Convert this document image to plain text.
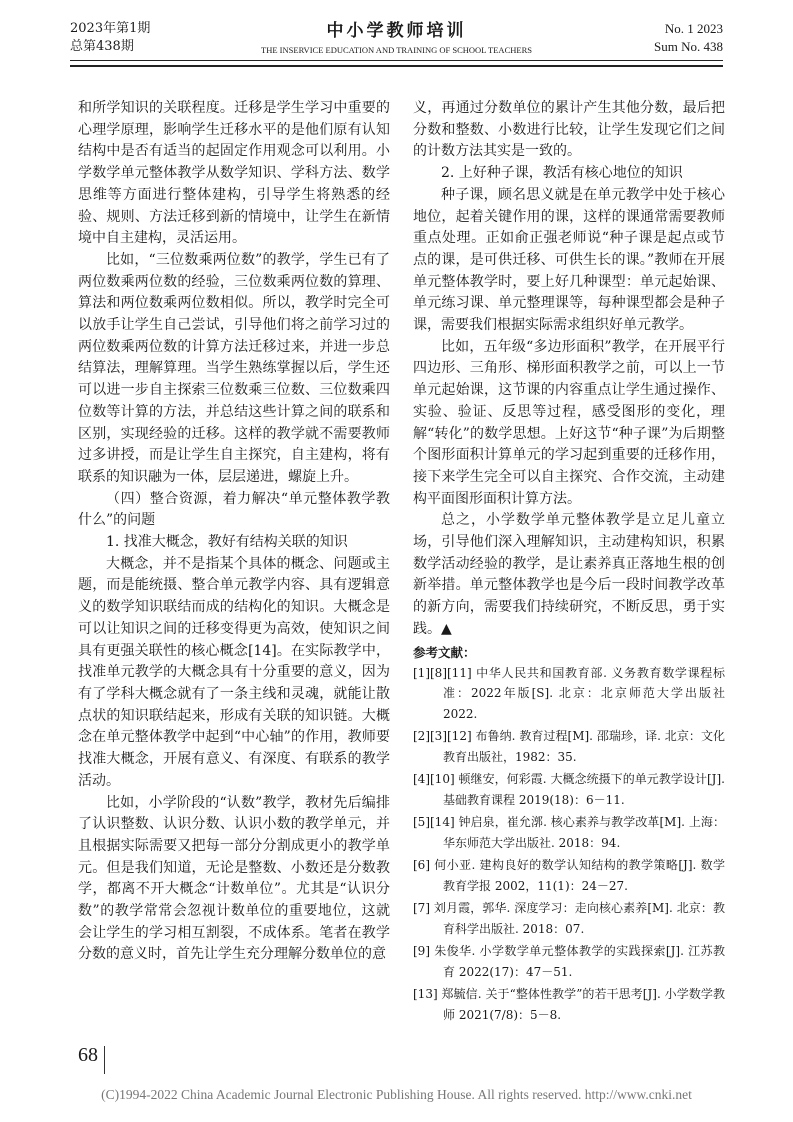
2023年第1期
总第438期
中小学教师培训
THE INSERVICE EDUCATION AND TRAINING OF SCHOOL TEACHERS
No. 1 2023
Sum No. 438

和所学知识的关联程度。迁移是学生学习中重要的心理学原理，影响学生迁移水平的是他们原有认知结构中是否有适当的起固定作用观念可以利用。小学数学单元整体教学从数学知识、学科方法、数学思维等方面进行整体建构，引导学生将熟悉的经验、规则、方法迁移到新的情境中，让学生在新情境中自主建构，灵活运用。

比如，“三位数乘两位数”的教学，学生已有了两位数乘两位数的经验，三位数乘两位数的算理、算法和两位数乘两位数相似。所以，教学时完全可以放手让学生自己尝试，引导他们将之前学习过的两位数乘两位数的计算方法迁移过来，并进一步总结算法，理解算理。当学生熟练掌握以后，学生还可以进一步自主探索三位数乘三位数、三位数乘四位数等计算的方法，并总结这些计算之间的联系和区别，实现经验的迁移。这样的教学就不需要教师过多讲授，而是让学生自主探究，自主建构，将有联系的知识融为一体，层层递进，螺旋上升。

（四）整合资源，着力解决“单元整体教学教什么”的问题

1. 找准大概念，教好有结构关联的知识

大概念，并不是指某个具体的概念、问题或主题，而是能统摄、整合单元教学内容、具有逻辑意义的数学知识联结而成的结构化的知识。大概念是可以让知识之间的迁移变得更为高效，使知识之间具有更强关联性的核心概念[14]。在实际教学中，找准单元教学的大概念具有十分重要的意义，因为有了学科大概念就有了一条主线和灵魂，就能让散点状的知识联结起来，形成有关联的知识链。大概念在单元整体教学中起到“中心轴”的作用，教师要找准大概念，开展有意义、有深度、有联系的教学活动。

比如，小学阶段的“认数”教学，教材先后编排了认识整数、认识分数、认识小数的教学单元，并且根据实际需要又把每一部分分割成更小的教学单元。但是我们知道，无论是整数、小数还是分数教学，都离不开大概念“计数单位”。尤其是“认识分数”的教学常常会忽视计数单位的重要地位，这就会让学生的学习相互割裂，不成体系。笔者在教学分数的意义时，首先让学生充分理解分数单位的意

义，再通过分数单位的累计产生其他分数，最后把分数和整数、小数进行比较，让学生发现它们之间的计数方法其实是一致的。

2. 上好种子课，教活有核心地位的知识

种子课，顾名思义就是在单元教学中处于核心地位，起着关键作用的课，这样的课通常需要教师重点处理。正如俞正强老师说“种子课是起点或节点的课，是可供迁移、可供生长的课。”教师在开展单元整体教学时，要上好几种课型：单元起始课、单元练习课、单元整理课等，每种课型都会是种子课，需要我们根据实际需求组织好单元教学。

比如，五年级“多边形面积”教学，在开展平行四边形、三角形、梯形面积教学之前，可以上一节单元起始课，这节课的内容重点让学生通过操作、实验、验证、反思等过程，感受图形的变化，理解“转化”的数学思想。上好这节“种子课”为后期整个图形面积计算单元的学习起到重要的迁移作用，接下来学生完全可以自主探究、合作交流，主动建构平面图形面积计算方法。

总之，小学数学单元整体教学是立足儿童立场，引导他们深入理解知识，主动建构知识，积累数学活动经验的教学，是让素养真正落地生根的创新举措。单元整体教学也是今后一段时间教学改革的新方向，需要我们持续研究，不断反思，勇于实践。▲

参考文献：
[1][8][11] 中华人民共和国教育部. 义务教育数学课程标准：2022年版[S]. 北京：北京师范大学出版社 2022.
[2][3][12] 布鲁纳. 教育过程[M]. 邵瑞珍，译. 北京：文化教育出版社，1982：35.
[4][10] 顿继安，何彩霞. 大概念统摄下的单元教学设计[J]. 基础教育课程 2019(18)：6－11.
[5][14] 钟启泉，崔允漷. 核心素养与教学改革[M]. 上海：华东师范大学出版社. 2018：94.
[6] 何小亚. 建构良好的数学认知结构的教学策略[J]. 数学教育学报 2002，11(1)：24－27.
[7] 刘月霞，郭华. 深度学习：走向核心素养[M]. 北京：教育科学出版社. 2018：07.
[9] 朱俊华. 小学数学单元整体教学的实践探索[J]. 江苏教育 2022(17)：47－51.
[13] 郑毓信. 关于“整体性教学”的若干思考[J]. 小学数学教师 2021(7/8)：5－8.
68
(C)1994-2022 China Academic Journal Electronic Publishing House. All rights reserved. http://www.cnki.net
